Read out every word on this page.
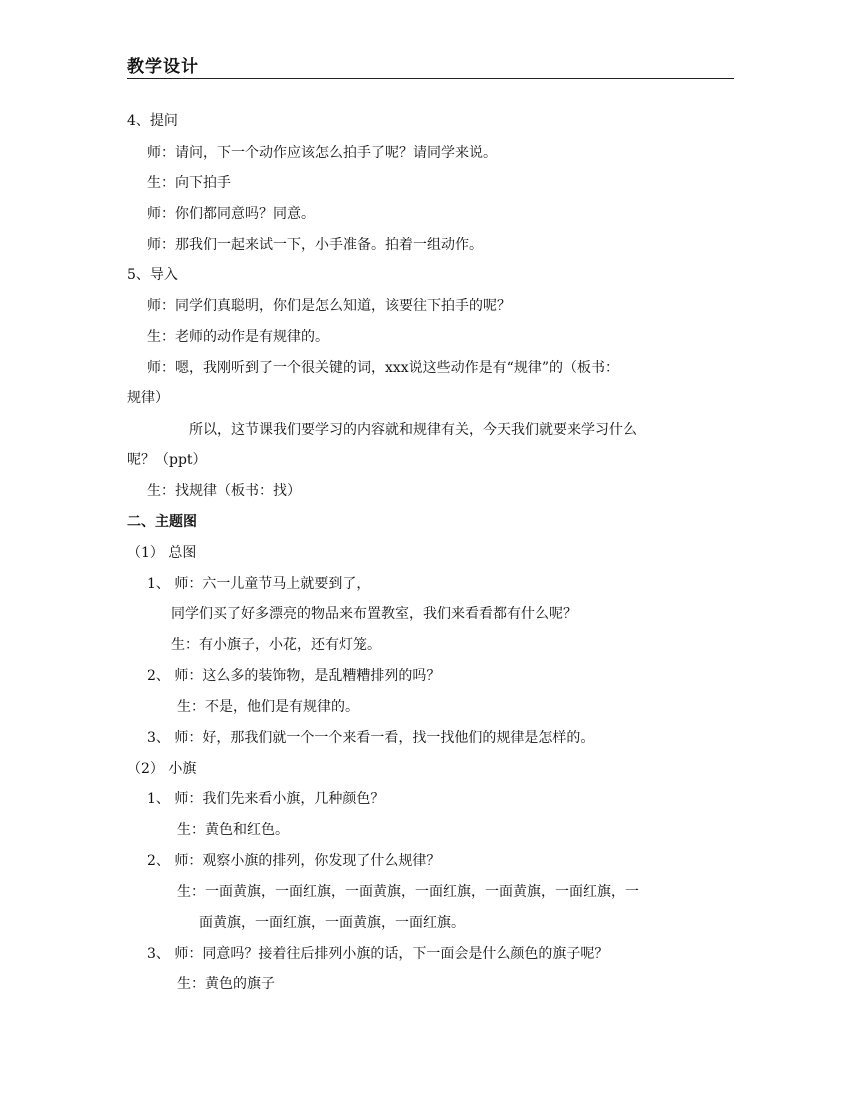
教学设计
4、提问
师：请问，下一个动作应该怎么拍手了呢？请同学来说。
生：向下拍手
师：你们都同意吗？同意。
师：那我们一起来试一下，小手准备。拍着一组动作。
5、导入
师：同学们真聪明，你们是怎么知道，该要往下拍手的呢？
生：老师的动作是有规律的。
师：嗯，我刚听到了一个很关键的词，xxx说这些动作是有“规律”的（板书：
规律）
所以，这节课我们要学习的内容就和规律有关，今天我们就要来学习什么
呢？（ppt）
生：找规律（板书：找）
二、主题图
（1） 总图
1、 师：六一儿童节马上就要到了，
同学们买了好多漂亮的物品来布置教室，我们来看看都有什么呢？
生：有小旗子，小花，还有灯笼。
2、 师：这么多的装饰物，是乱糟糟排列的吗？
生：不是，他们是有规律的。
3、 师：好，那我们就一个一个来看一看，找一找他们的规律是怎样的。
（2） 小旗
1、 师：我们先来看小旗，几种颜色？
生：黄色和红色。
2、 师：观察小旗的排列，你发现了什么规律？
生：一面黄旗，一面红旗，一面黄旗，一面红旗，一面黄旗，一面红旗，一
面黄旗，一面红旗，一面黄旗，一面红旗。
3、 师：同意吗？接着往后排列小旗的话，下一面会是什么颜色的旗子呢？
生：黄色的旗子
